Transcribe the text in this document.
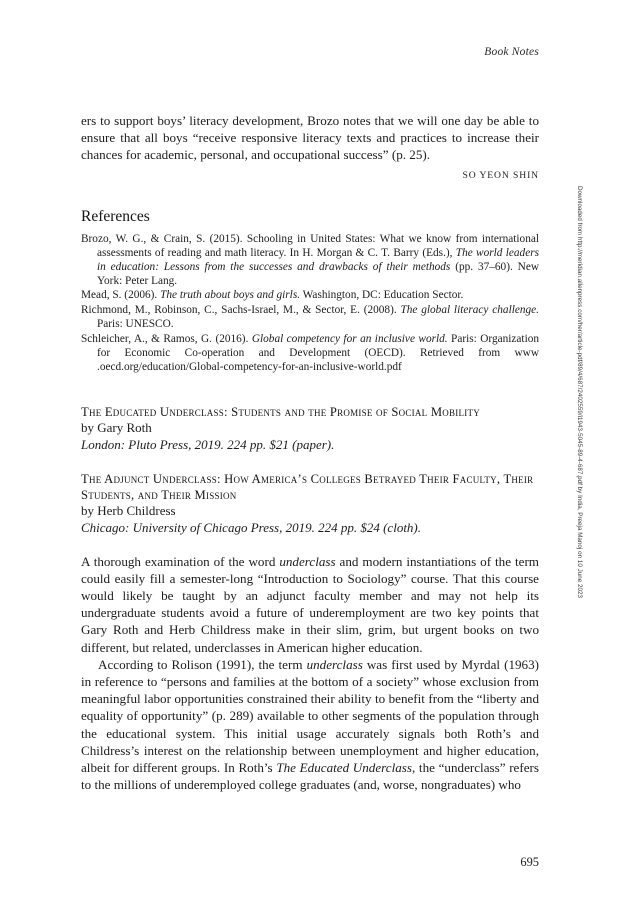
Book Notes

ers to support boys’ literacy development, Brozo notes that we will one day be able to ensure that all boys “receive responsive literacy texts and practices to increase their chances for academic, personal, and occupational success” (p. 25).

SO YEON SHIN
References
Brozo, W. G., & Crain, S. (2015). Schooling in United States: What we know from international assessments of reading and math literacy. In H. Morgan & C. T. Barry (Eds.), The world leaders in education: Lessons from the successes and drawbacks of their methods (pp. 37–60). New York: Peter Lang.
Mead, S. (2006). The truth about boys and girls. Washington, DC: Education Sector.
Richmond, M., Robinson, C., Sachs-Israel, M., & Sector, E. (2008). The global literacy challenge. Paris: UNESCO.
Schleicher, A., & Ramos, G. (2016). Global competency for an inclusive world. Paris: Organization for Economic Co-operation and Development (OECD). Retrieved from www .oecd.org/education/Global-competency-for-an-inclusive-world.pdf
The Educated Underclass: Students and the Promise of Social Mobility
by Gary Roth
London: Pluto Press, 2019. 224 pp. $21 (paper).
The Adjunct Underclass: How America’s Colleges Betrayed Their Faculty, Their Students, and Their Mission
by Herb Childress
Chicago: University of Chicago Press, 2019. 224 pp. $24 (cloth).

A thorough examination of the word underclass and modern instantiations of the term could easily fill a semester-long “Introduction to Sociology” course. That this course would likely be taught by an adjunct faculty member and may not help its undergraduate students avoid a future of underemployment are two key points that Gary Roth and Herb Childress make in their slim, grim, but urgent books on two different, but related, underclasses in American higher education.

According to Rolison (1991), the term underclass was first used by Myrdal (1963) in reference to “persons and families at the bottom of a society” whose exclusion from meaningful labor opportunities constrained their ability to benefit from the “liberty and equality of opportunity” (p. 289) available to other segments of the population through the educational system. This initial usage accurately signals both Roth’s and Childress’s interest on the relationship between unemployment and higher education, albeit for different groups. In Roth’s The Educated Underclass, the “underclass” refers to the millions of underemployed college graduates (and, worse, nongraduates) who

695
Downloaded from http://meridian.allenpress.com/her/article-pdf/89/4/687/2402559/i1943-5045-89-4-687.pdf by India, Preeja Manoj on 10 June 2023
